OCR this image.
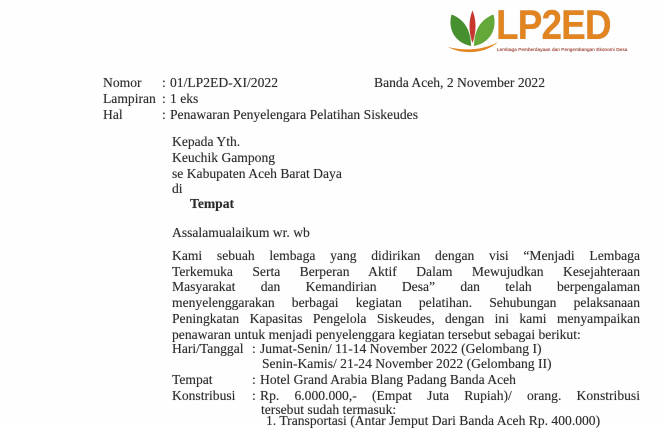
LP2ED
Lembaga Pemberdayaan dan Pengembangan Ekonomi Desa
Nomor : 01/LP2ED-XI/2022	Banda Aceh, 2 November 2022
Lampiran : 1 eks
Hal	: Penawaran Penyelengara Pelatihan Siskeudes
Kepada Yth.
Keuchik Gampong
se Kabupaten Aceh Barat Daya
di
Tempat
Assalamualaikum wr. wb
Kami sebuah lembaga yang didirikan dengan visi “Menjadi Lembaga
Terkemuka Serta Berperan Aktif Dalam Mewujudkan Kesejahteraan
Masyarakat dan Kemandirian Desa” dan telah berpengalaman
menyelenggarakan berbagai kegiatan pelatihan. Sehubungan pelaksanaan
Peningkatan Kapasitas Pengelola Siskeudes, dengan ini kami menyampaikan
penawaran untuk menjadi penyelenggara kegiatan tersebut sebagai berikut:
Hari/Tanggal : Jumat-Senin/ 11-14 November 2022 (Gelombang I)
Senin-Kamis/ 21-24 November 2022 (Gelombang II)
Tempat	: Hotel Grand Arabia Blang Padang Banda Aceh
Konstribusi : Rp. 6.000.000,- (Empat Juta Rupiah)/ orang. Konstribusi
tersebut sudah termasuk:
1. Transportasi (Antar Jemput Dari Banda Aceh Rp. 400.000)
